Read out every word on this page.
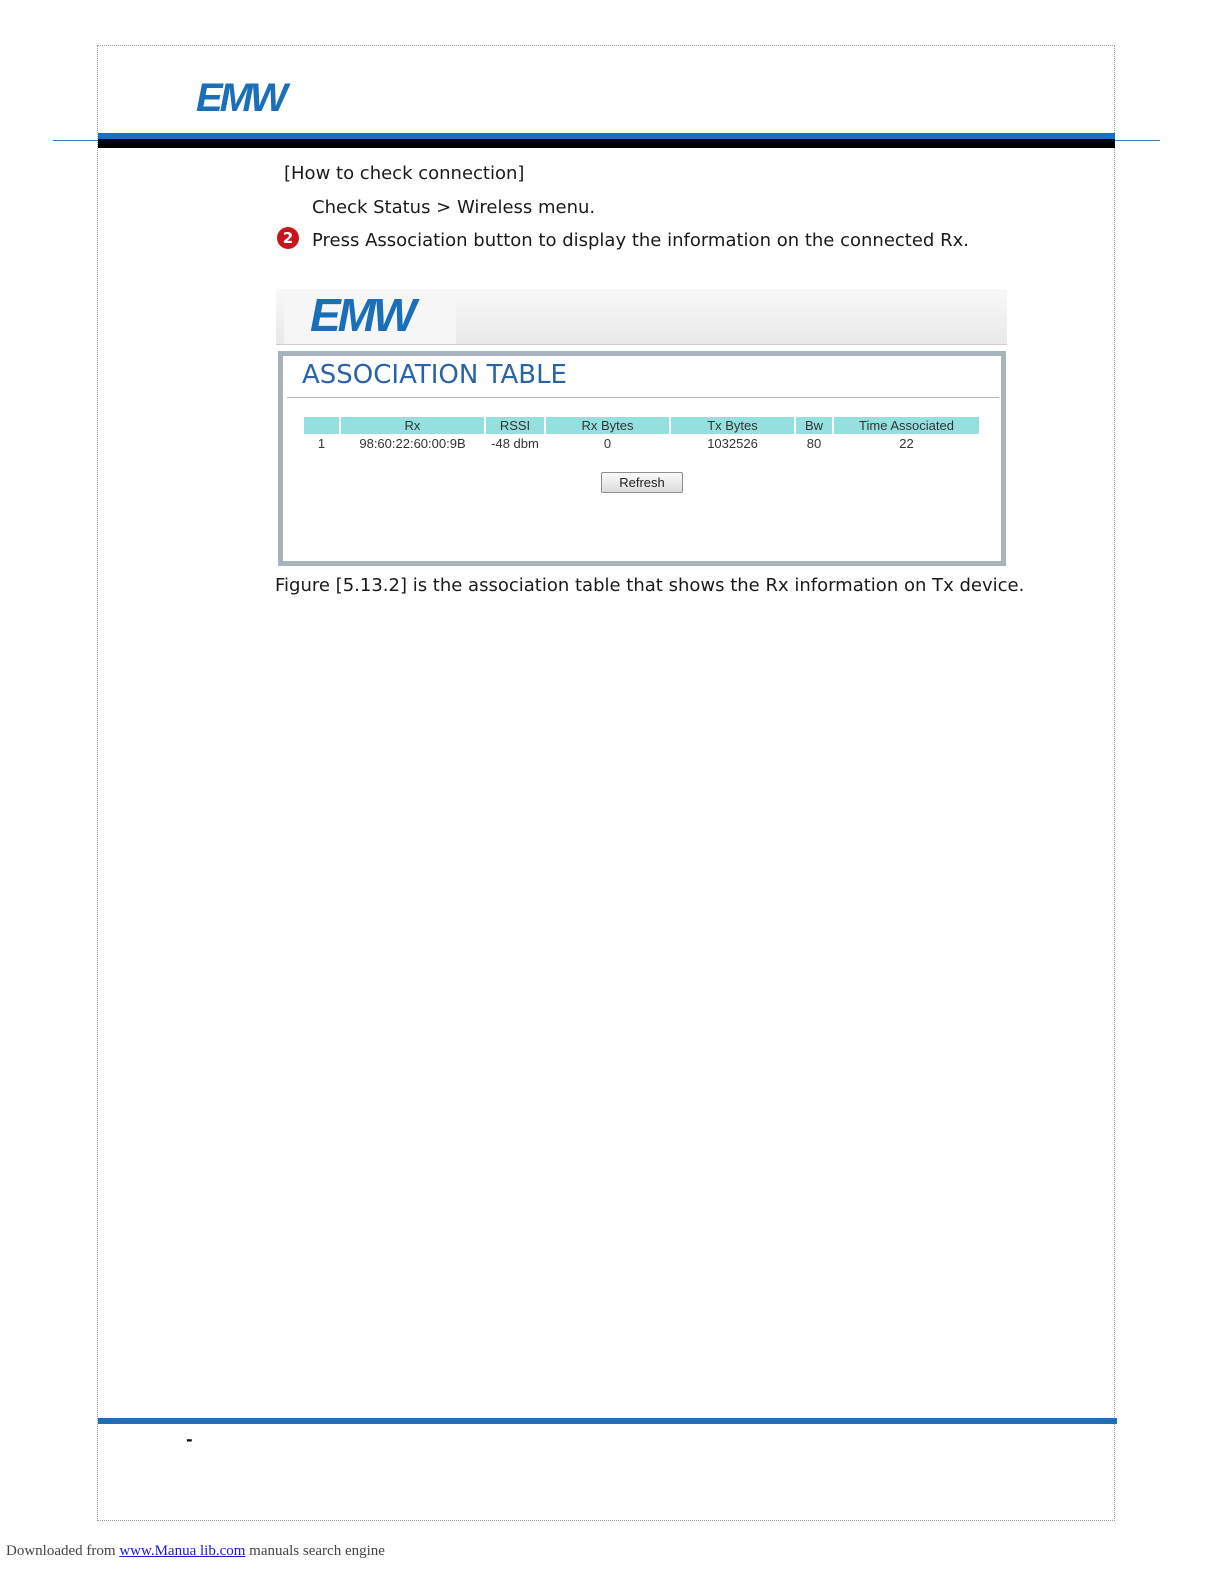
EMW
[How to check connection]
Check Status > Wireless menu.
2	Press Association button to display the information on the connected Rx.
EMW
ASSOCIATION TABLE
	Rx	RSSI	Rx Bytes	Tx Bytes	Bw	Time Associated
1	98:60:22:60:00:9B	-48 dbm	0	1032526	80	22
Refresh
Figure [5.13.2] is the association table that shows the Rx information on Tx device.
-
Downloaded from www.Manua lib.com manuals search engine
